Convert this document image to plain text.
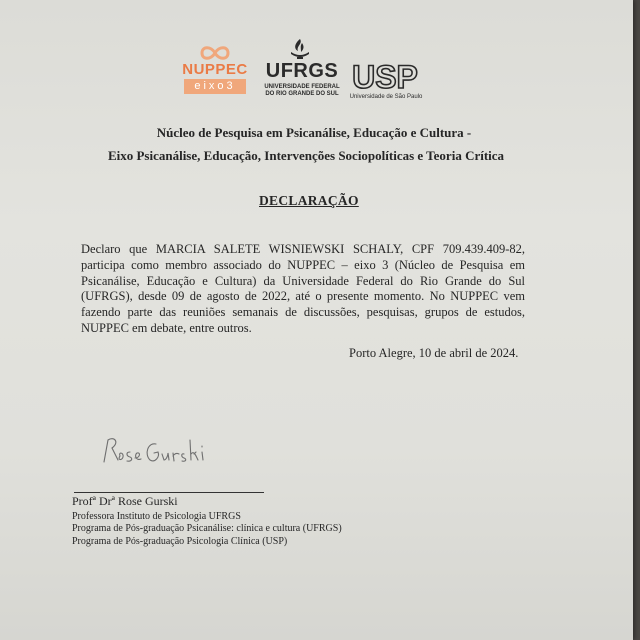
NUPPEC
eixo3
UFRGS
UNIVERSIDADE FEDERAL
DO RIO GRANDE DO SUL USP
Universidade de São Paulo
Núcleo de Pesquisa em Psicanálise, Educação e Cultura -
Eixo Psicanálise, Educação, Intervenções Sociopolíticas e Teoria Crítica
DECLARAÇÃO
Declaro que MARCIA SALETE WISNIEWSKI SCHALY, CPF 709.439.409-82, participa como membro associado do NUPPEC – eixo 3 (Núcleo de Pesquisa em Psicanálise, Educação e Cultura) da Universidade Federal do Rio Grande do Sul (UFRGS), desde 09 de agosto de 2022, até o presente momento. No NUPPEC vem fazendo parte das reuniões semanais de discussões, pesquisas, grupos de estudos, NUPPEC em debate, entre outros.
Porto Alegre, 10 de abril de 2024.
Profª Drª Rose Gurski
Professora Instituto de Psicologia UFRGS
Programa de Pós-graduação Psicanálise: clínica e cultura (UFRGS)
Programa de Pós-graduação Psicologia Clínica (USP)
